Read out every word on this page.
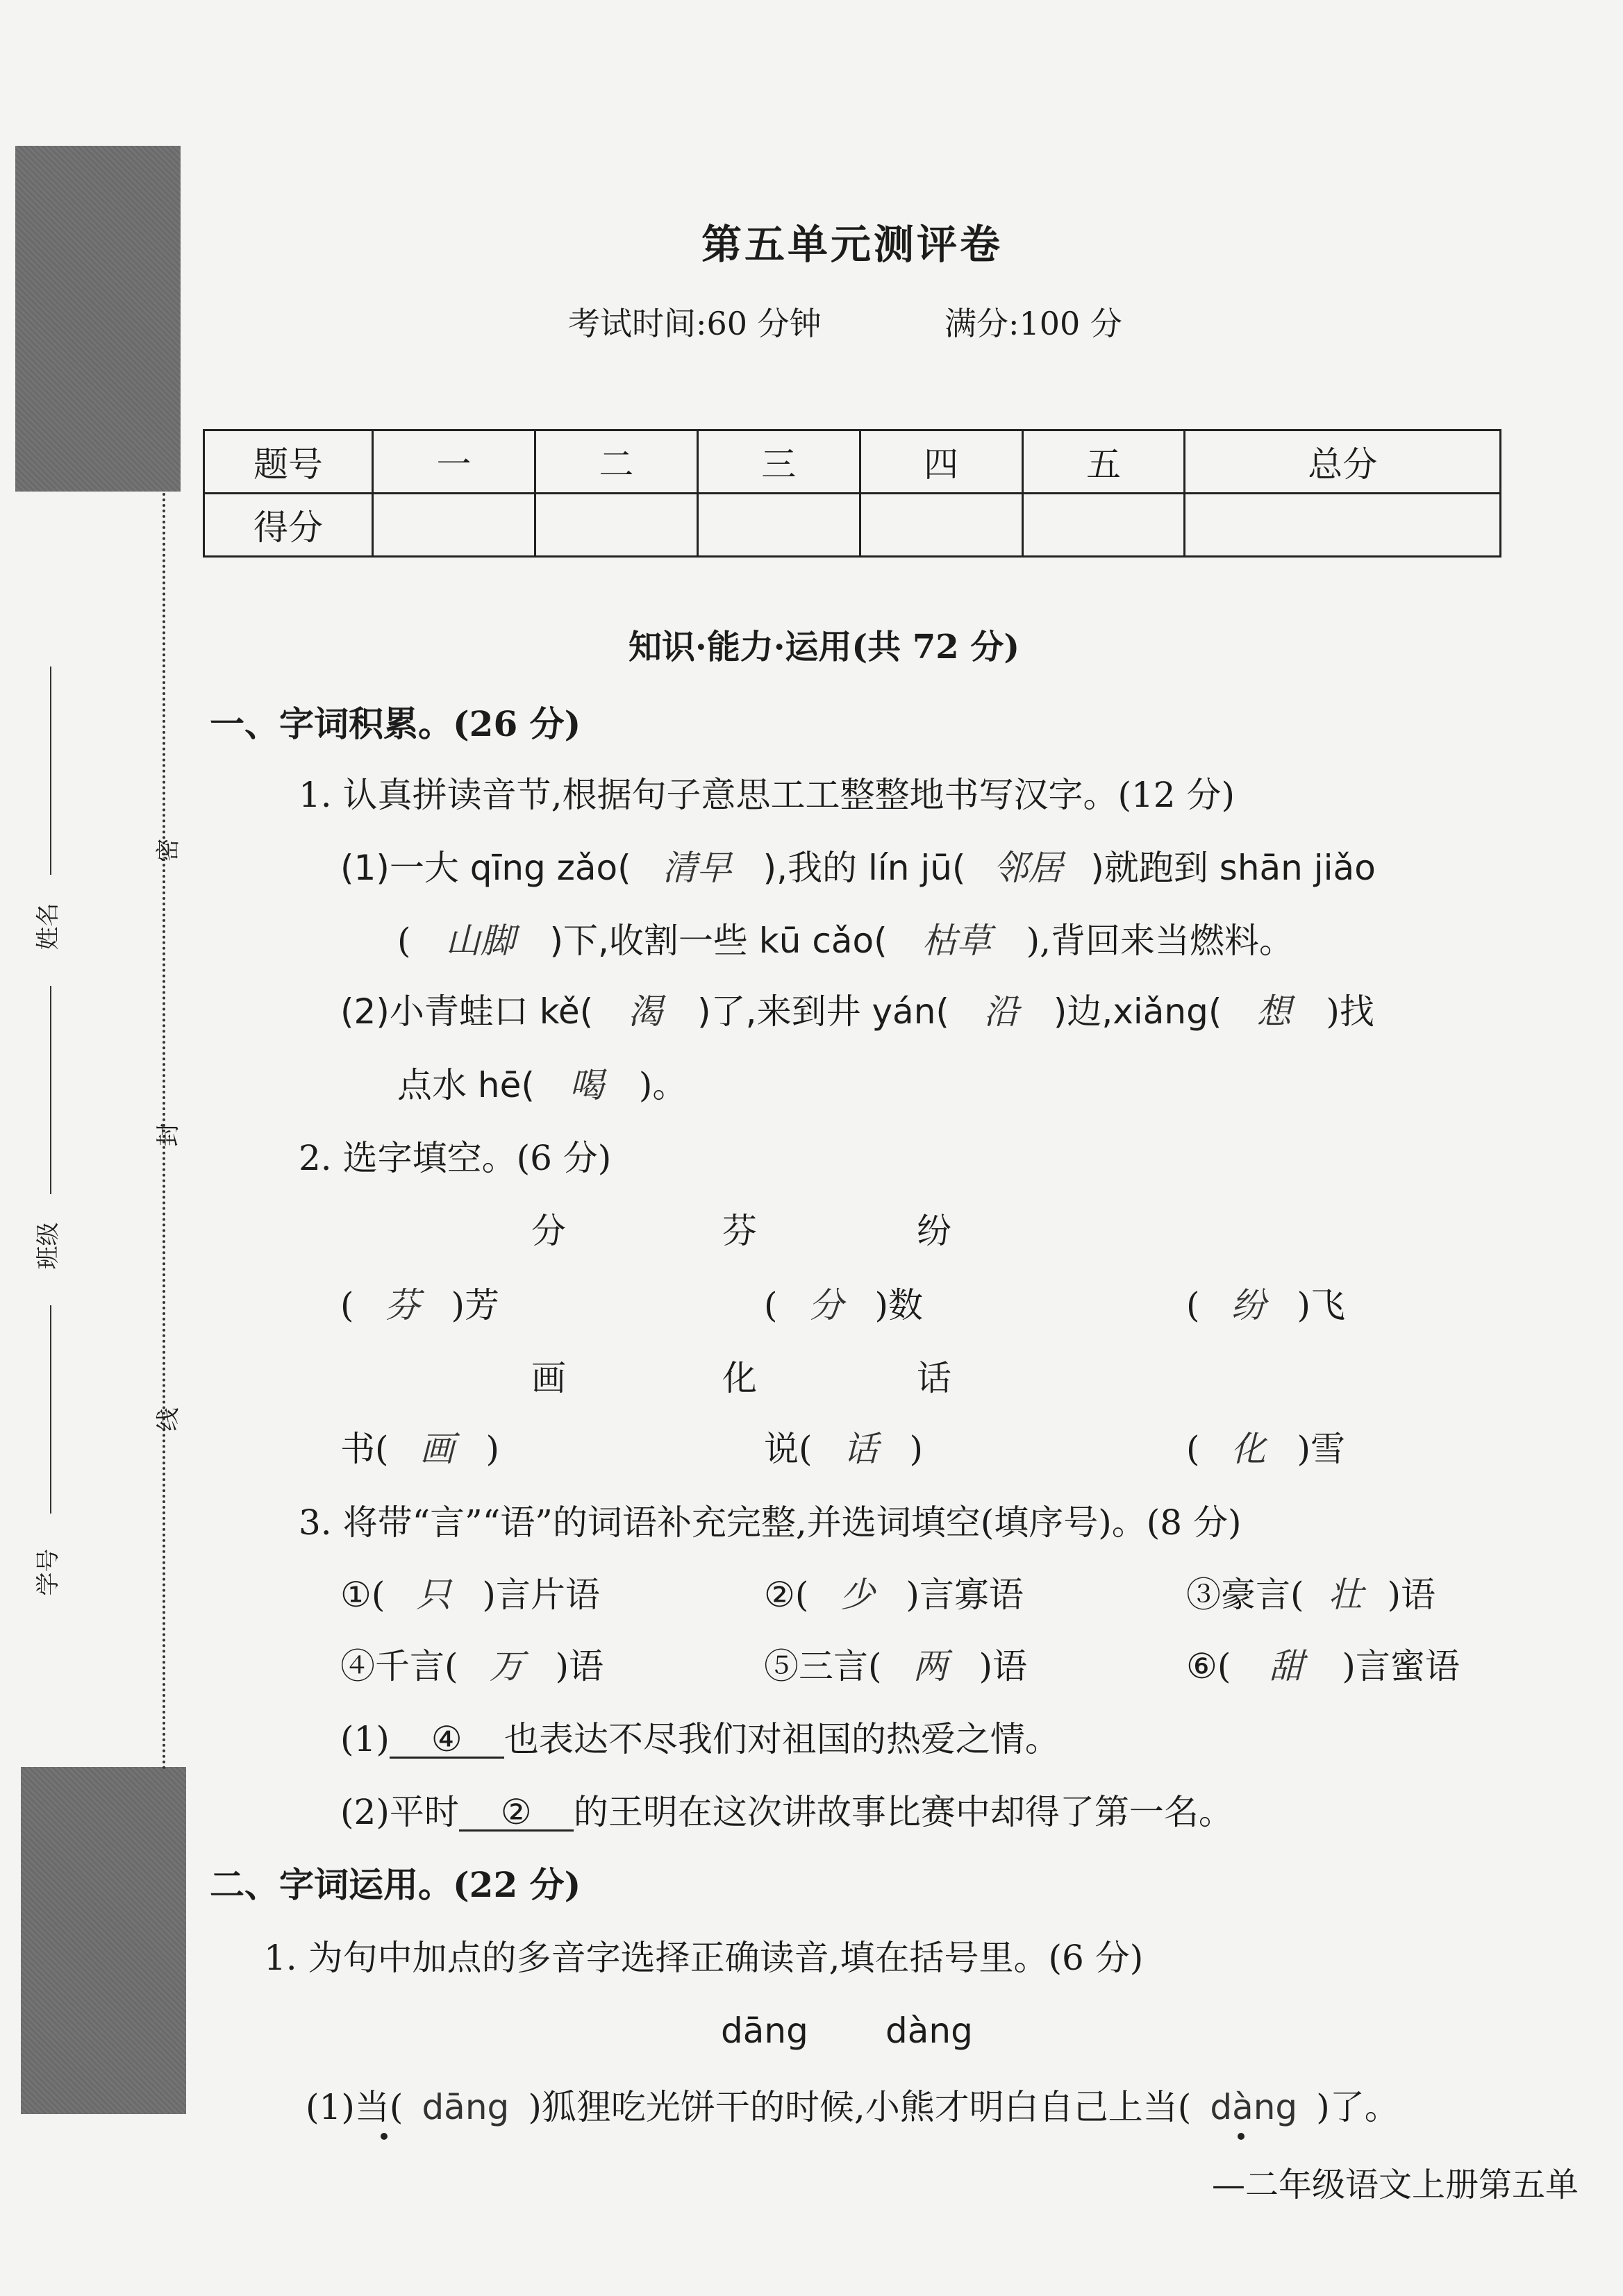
密
封
线
姓名
班级
学号
第五单元测评卷
考试时间:60 分钟	满分:100 分
题号	一	二	三	四	五	总分
得分						
知识·能力·运用(共 72 分)
一、字词积累。(26 分)
1. 认真拼读音节,根据句子意思工工整整地书写汉字。(12 分)
(1)一大 qīng zǎo( 清早 ),我的 lín jū( 邻居 )就跑到 shān jiǎo
( 山脚 )下,收割一些 kū cǎo( 枯草 ),背回来当燃料。
(2)小青蛙口 kě( 渴 )了,来到井 yán( 沿 )边,xiǎng( 想 )找
点水 hē( 喝 )。
2. 选字填空。(6 分)
分	芬	纷
( 芬 )芳	( 分 )数	( 纷 )飞
画	化	话
书( 画 )	说( 话 )	( 化 )雪
3. 将带“言”“语”的词语补充完整,并选词填空(填序号)。(8 分)
①( 只 )言片语	②( 少 )言寡语	③豪言( 壮 )语
④千言( 万 )语	⑤三言( 两 )语	⑥( 甜 )言蜜语
(1) ④ 也表达不尽我们对祖国的热爱之情。
(2)平时 ② 的王明在这次讲故事比赛中却得了第一名。
二、字词运用。(22 分)
1. 为句中加点的多音字选择正确读音,填在括号里。(6 分)
dāng dàng
(1)当( dāng )狐狸吃光饼干的时候,小熊才明白自己上当( dàng )了。
—二年级语文上册第五单
